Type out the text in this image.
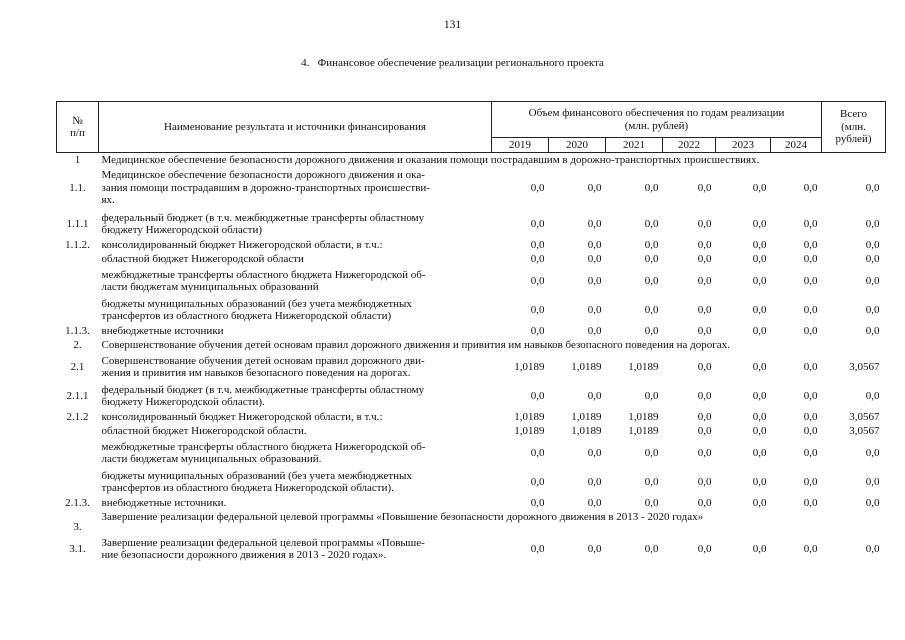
131
4.   Финансовое обеспечение реализации регионального проекта
№
п/п	Наименование результата и источники финансирования	Объем финансового обеспечения по годам реализации
(млн. рублей)						Всего
(млн.
рублей)
		2019	2020	2021	2022	2023	2024	
1	Медицинское обеспечение безопасности дорожного движения и оказания помощи пострадавшим в дорожно-транспортных происшествиях.							
1.1.	Медицинское обеспечение безопасности дорожного движения и ока-
зания помощи пострадавшим в дорожно-транспортных происшестви-
ях.	0,0	0,0	0,0	0,0	0,0	0,0	0,0
1.1.1	федеральный бюджет (в т.ч. межбюджетные трансферты областному
бюджету Нижегородской области)	0,0	0,0	0,0	0,0	0,0	0,0	0,0
1.1.2.	консолидированный бюджет Нижегородской области, в т.ч.:	0,0	0,0	0,0	0,0	0,0	0,0	0,0
	областной бюджет Нижегородской области	0,0	0,0	0,0	0,0	0,0	0,0	0,0
	межбюджетные трансферты областного бюджета Нижегородской об-
ласти бюджетам муниципальных образований	0,0	0,0	0,0	0,0	0,0	0,0	0,0
	бюджеты муниципальных образований (без учета межбюджетных
трансфертов из областного бюджета Нижегородской области)	0,0	0,0	0,0	0,0	0,0	0,0	0,0
1.1.3.	внебюджетные источники	0,0	0,0	0,0	0,0	0,0	0,0	0,0
2.	Совершенствование обучения детей основам правил дорожного движения и привития им навыков безопасного поведения на дорогах.							
2.1	Совершенствование обучения детей основам правил дорожного дви-
жения и привития им навыков безопасного поведения на дорогах.	1,0189	1,0189	1,0189	0,0	0,0	0,0	3,0567
2.1.1	федеральный бюджет (в т.ч. межбюджетные трансферты областному
бюджету Нижегородской области).	0,0	0,0	0,0	0,0	0,0	0,0	0,0
2.1.2	консолидированный бюджет Нижегородской области, в т.ч.:	1,0189	1,0189	1,0189	0,0	0,0	0,0	3,0567
	областной бюджет Нижегородской области.	1,0189	1,0189	1,0189	0,0	0,0	0,0	3,0567
	межбюджетные трансферты областного бюджета Нижегородской об-
ласти бюджетам муниципальных образований.	0,0	0,0	0,0	0,0	0,0	0,0	0,0
	бюджеты муниципальных образований (без учета межбюджетных
трансфертов из областного бюджета Нижегородской области).	0,0	0,0	0,0	0,0	0,0	0,0	0,0
2.1.3.	внебюджетные источники.	0,0	0,0	0,0	0,0	0,0	0,0	0,0
3.	Завершение реализации федеральной целевой программы «Повышение безопасности дорожного движения в 2013 - 2020 годах»							

3.1.	Завершение реализации федеральной целевой программы «Повыше-
ние безопасности дорожного движения в 2013 - 2020 годах».	0,0	0,0	0,0	0,0	0,0	0,0	0,0
